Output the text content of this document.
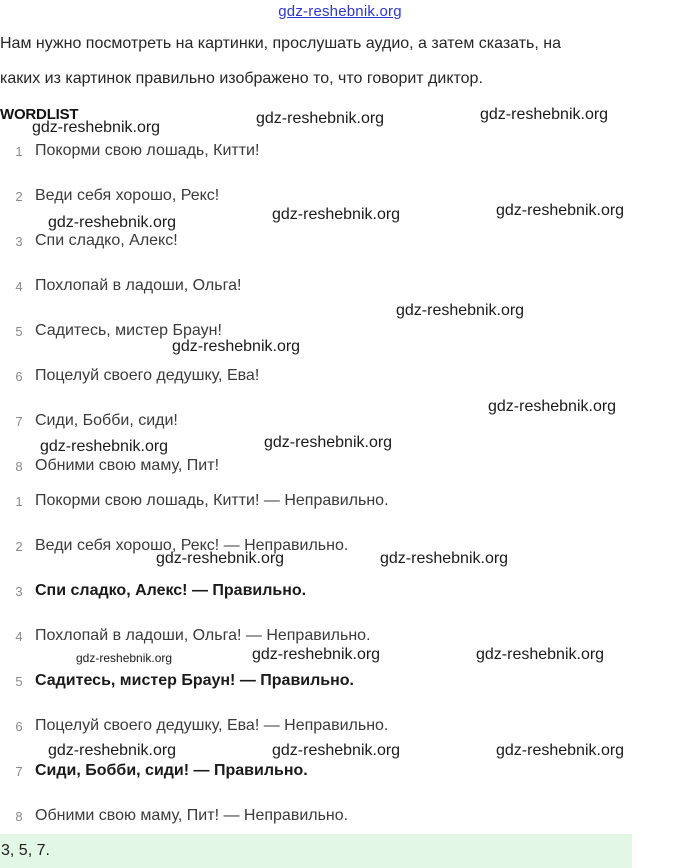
gdz-reshebnik.org
Нам нужно посмотреть на картинки, прослушать аудио, а затем сказать, на
каких из картинок правильно изображено то, что говорит диктор.
WORDLIST
1 Покорми свою лошадь, Китти!
2 Веди себя хорошо, Рекс!
3 Спи сладко, Алекс!
4 Похлопай в ладоши, Ольга!
5 Садитесь, мистер Браун!
6 Поцелуй своего дедушку, Ева!
7 Сиди, Бобби, сиди!
8 Обними свою маму, Пит!
1 Покорми свою лошадь, Китти! — Неправильно.
2 Веди себя хорошо, Рекс! — Неправильно.
3 Спи сладко, Алекс! — Правильно.
4 Похлопай в ладоши, Ольга! — Неправильно.
5 Садитесь, мистер Браун! — Правильно.
6 Поцелуй своего дедушку, Ева! — Неправильно.
7 Сиди, Бобби, сиди! — Правильно.
8 Обними свою маму, Пит! — Неправильно.
3, 5, 7.
gdz-reshebnik.org
gdz-reshebnik.org	gdz-reshebnik.org
gdz-reshebnik.org	gdz-reshebnik.org	gdz-reshebnik.org
gdz-reshebnik.org
gdz-reshebnik.org
gdz-reshebnik.org
gdz-reshebnik.org	gdz-reshebnik.org
gdz-reshebnik.org	gdz-reshebnik.org
gdz-reshebnik.org	gdz-reshebnik.org	gdz-reshebnik.org
gdz-reshebnik.org	gdz-reshebnik.org	gdz-reshebnik.org
